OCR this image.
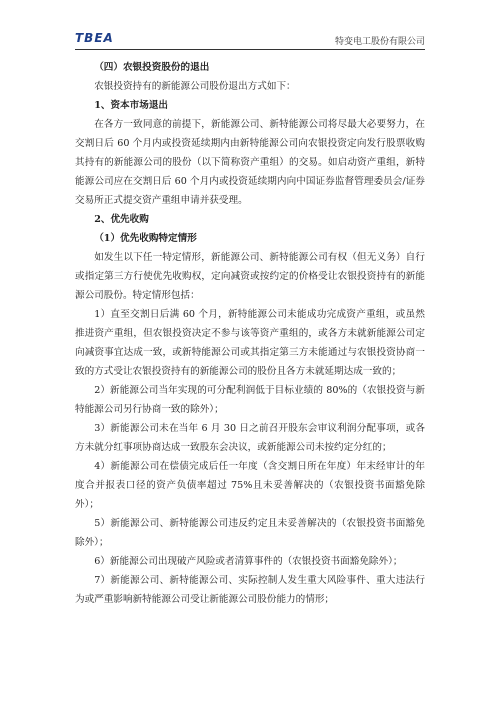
TBEA	特变电工股份有限公司

（四）农银投资股份的退出

农银投资持有的新能源公司股份退出方式如下：

1、资本市场退出

在各方一致同意的前提下，新能源公司、新特能源公司将尽最大必要努力，在交割日后 60 个月内或投资延续期内由新特能源公司向农银投资定向发行股票收购其持有的新能源公司的股份（以下简称资产重组）的交易。如启动资产重组，新特能源公司应在交割日后 60 个月内或投资延续期内向中国证券监督管理委员会/证券交易所正式提交资产重组申请并获受理。

2、优先收购

（1）优先收购特定情形

如发生以下任一特定情形，新能源公司、新特能源公司有权（但无义务）自行或指定第三方行使优先收购权，定向减资或按约定的价格受让农银投资持有的新能源公司股份。特定情形包括：

1）直至交割日后满 60 个月，新特能源公司未能成功完成资产重组，或虽然推进资产重组，但农银投资决定不参与该等资产重组的，或各方未就新能源公司定向减资事宜达成一致，或新特能源公司或其指定第三方未能通过与农银投资协商一致的方式受让农银投资持有的新能源公司的股份且各方未就延期达成一致的；

2）新能源公司当年实现的可分配利润低于目标业绩的 80%的（农银投资与新特能源公司另行协商一致的除外）；

3）新能源公司未在当年 6 月 30 日之前召开股东会审议利润分配事项，或各方未就分红事项协商达成一致股东会决议，或新能源公司未按约定分红的；

4）新能源公司在偿债完成后任一年度（含交割日所在年度）年末经审计的年度合并报表口径的资产负债率超过 75%且未妥善解决的（农银投资书面豁免除外）；

5）新能源公司、新特能源公司违反约定且未妥善解决的（农银投资书面豁免除外）；

6）新能源公司出现破产风险或者清算事件的（农银投资书面豁免除外）；

7）新能源公司、新特能源公司、实际控制人发生重大风险事件、重大违法行为或严重影响新特能源公司受让新能源公司股份能力的情形；
